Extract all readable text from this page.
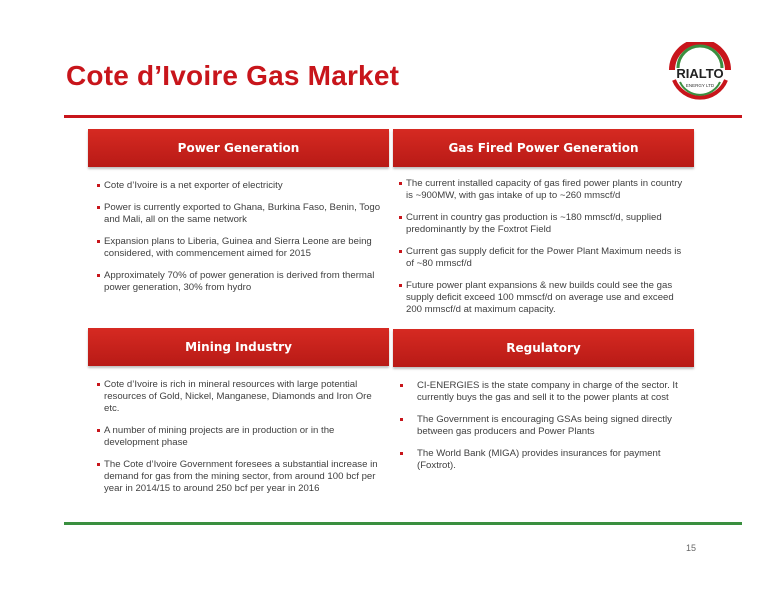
Cote d’Ivoire Gas Market	RIALTO
ENERGY LTD
Power Generation
Cote d’Ivoire is a net exporter of electricity
Power is currently exported to Ghana, Burkina Faso, Benin, Togo and Mali, all on the same network
Expansion plans to Liberia, Guinea and Sierra Leone are being considered, with commencement aimed for 2015
Approximately 70% of power generation is derived from thermal power generation, 30% from hydro
Gas Fired Power Generation
The current installed capacity of gas fired power plants in country is ~900MW, with gas intake of up to ~260 mmscf/d
Current in country gas production is ~180 mmscf/d, supplied predominantly by the Foxtrot Field
Current gas supply deficit for the Power Plant Maximum needs is of ~80 mmscf/d
Future power plant expansions & new builds could see the gas supply deficit exceed 100 mmscf/d on average use and exceed 200 mmscf/d at maximum capacity.
Mining Industry
Cote d’Ivoire is rich in mineral resources with large potential resources of Gold, Nickel, Manganese, Diamonds and Iron Ore etc.
A number of mining projects are in production or in the development phase
The Cote d’Ivoire Government foresees a substantial increase in demand for gas from the mining sector, from around 100 bcf per year in 2014/15 to around 250 bcf per year in 2016
Regulatory
CI-ENERGIES is the state company in charge of the sector. It currently buys the gas and sell it to the power plants at cost
The Government is encouraging GSAs being signed directly between gas producers and Power Plants
The World Bank (MIGA) provides insurances for payment (Foxtrot).
15
